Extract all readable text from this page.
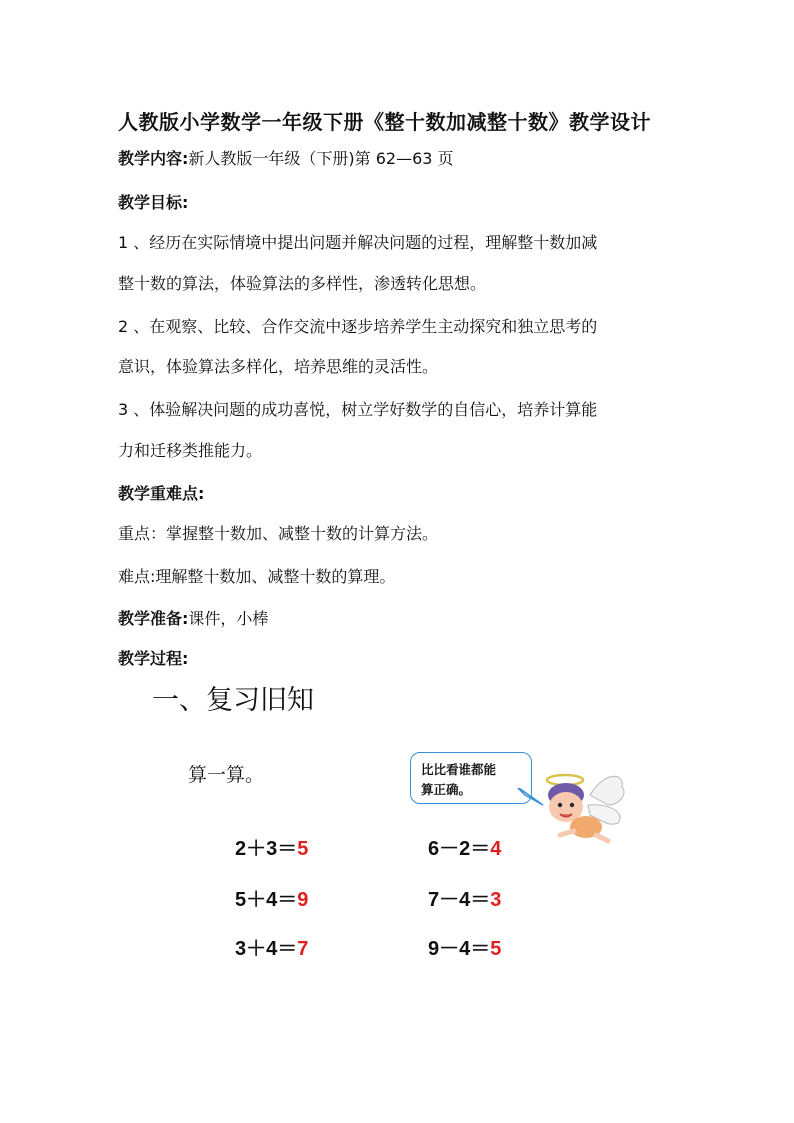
人教版小学数学一年级下册《整十数加减整十数》教学设计
教学内容:新人教版一年级（下册)第 62—63 页
教学目标:
1 、经历在实际情境中提出问题并解决问题的过程，理解整十数加减
整十数的算法，体验算法的多样性，渗透转化思想。
2 、在观察、比较、合作交流中逐步培养学生主动探究和独立思考的
意识，体验算法多样化，培养思维的灵活性。
3 、体验解决问题的成功喜悦，树立学好数学的自信心，培养计算能
力和迁移类推能力。
教学重难点:
重点：掌握整十数加、减整十数的计算方法。
难点:理解整十数加、减整十数的算理。
教学准备:课件，小棒
教学过程:
一、复习旧知
算一算。	比比看谁都能
算正确。
2＋3＝5
5＋4＝9
3＋4＝7
6－2＝4
7－4＝3
9－4＝5
